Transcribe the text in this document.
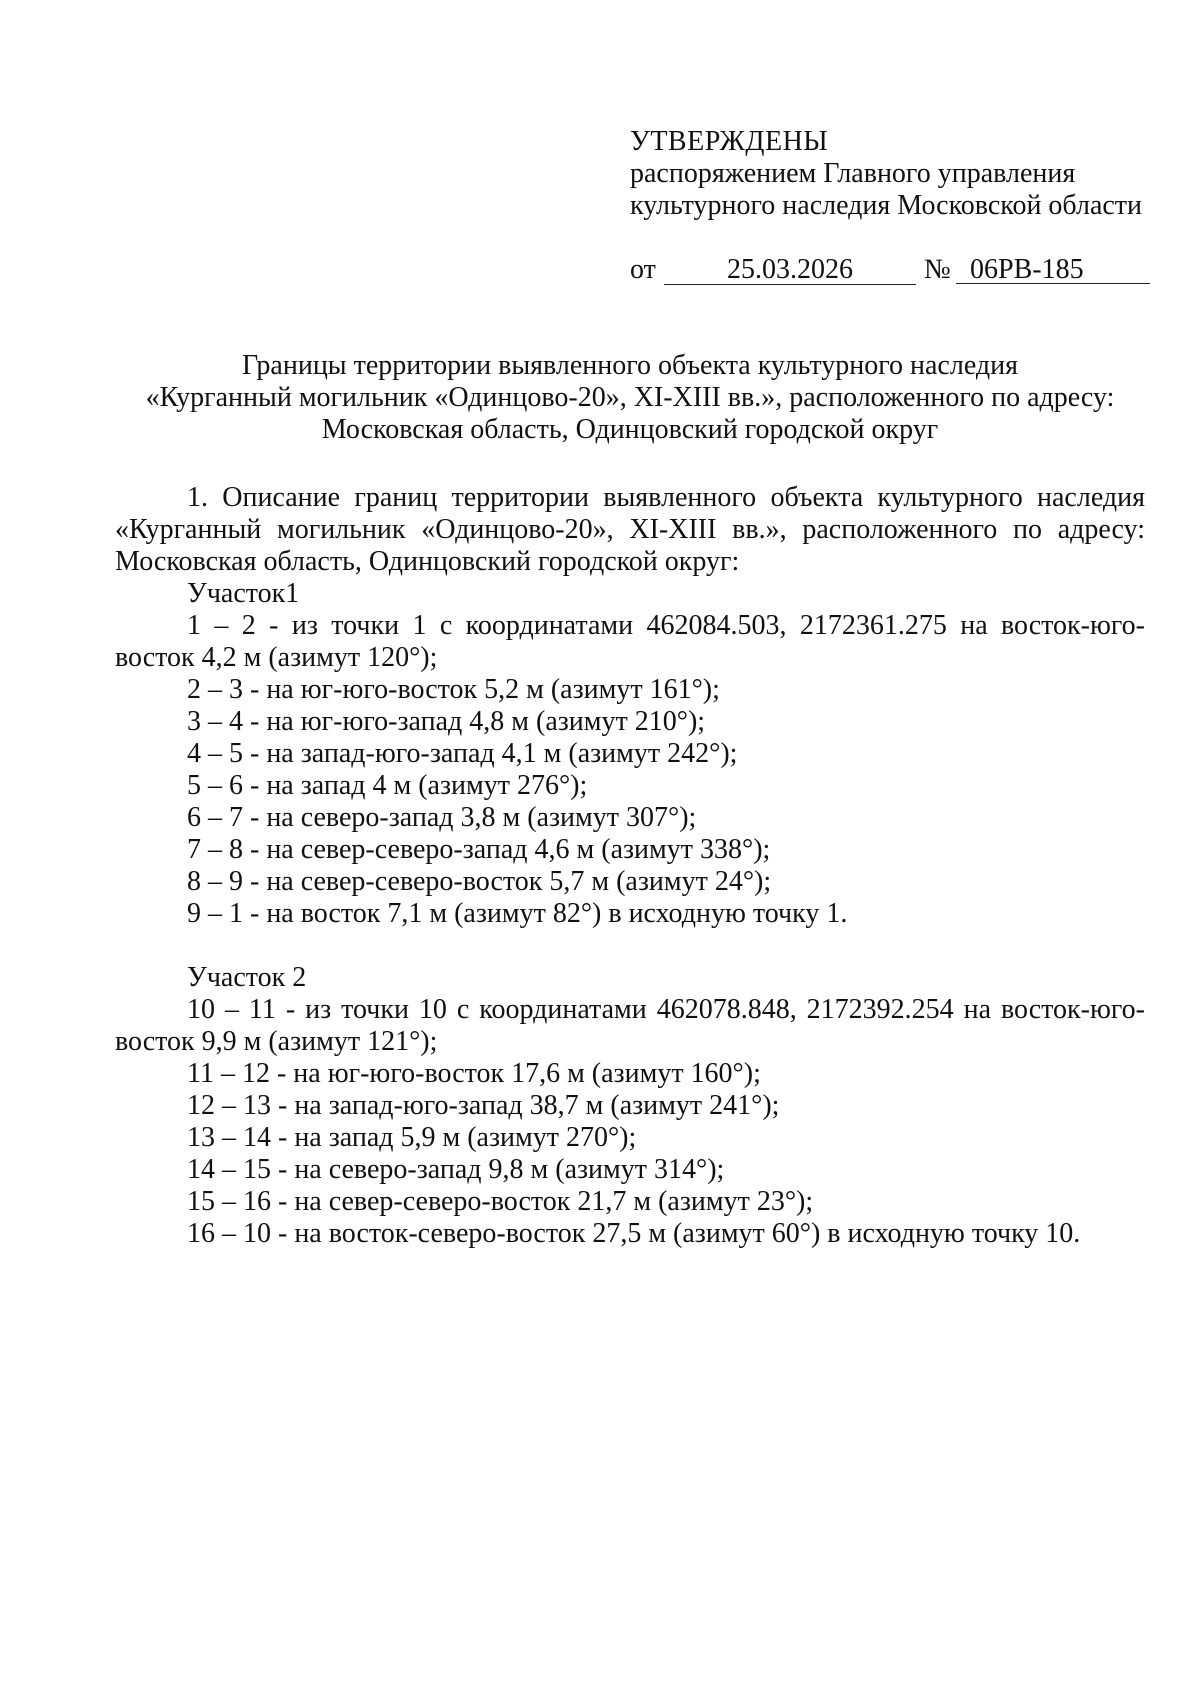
УТВЕРЖДЕНЫ
распоряжением Главного управления
культурного наследия Московской области
от	25.03.2026	№ 06РВ-185
Границы территории выявленного объекта культурного наследия
«Курганный могильник «Одинцово-20», XI-XIII вв.», расположенного по адресу:
Московская область, Одинцовский городской округ
1. Описание границ территории выявленного объекта культурного наследия «Курганный могильник «Одинцово-20», XI-XIII вв.», расположенного по адресу: Московская область, Одинцовский городской округ:
Участок1
1 – 2 - из точки 1 с координатами 462084.503, 2172361.275 на восток-юго-восток 4,2 м (азимут 120°);
2 – 3 - на юг-юго-восток 5,2 м (азимут 161°);
3 – 4 - на юг-юго-запад 4,8 м (азимут 210°);
4 – 5 - на запад-юго-запад 4,1 м (азимут 242°);
5 – 6 - на запад 4 м (азимут 276°);
6 – 7 - на северо-запад 3,8 м (азимут 307°);
7 – 8 - на север-северо-запад 4,6 м (азимут 338°);
8 – 9 - на север-северо-восток 5,7 м (азимут 24°);
9 – 1 - на восток 7,1 м (азимут 82°) в исходную точку 1.
Участок 2
10 – 11 - из точки 10 с координатами 462078.848, 2172392.254 на восток-юго-восток 9,9 м (азимут 121°);
11 – 12 - на юг-юго-восток 17,6 м (азимут 160°);
12 – 13 - на запад-юго-запад 38,7 м (азимут 241°);
13 – 14 - на запад 5,9 м (азимут 270°);
14 – 15 - на северо-запад 9,8 м (азимут 314°);
15 – 16 - на север-северо-восток 21,7 м (азимут 23°);
16 – 10 - на восток-северо-восток 27,5 м (азимут 60°) в исходную точку 10.
